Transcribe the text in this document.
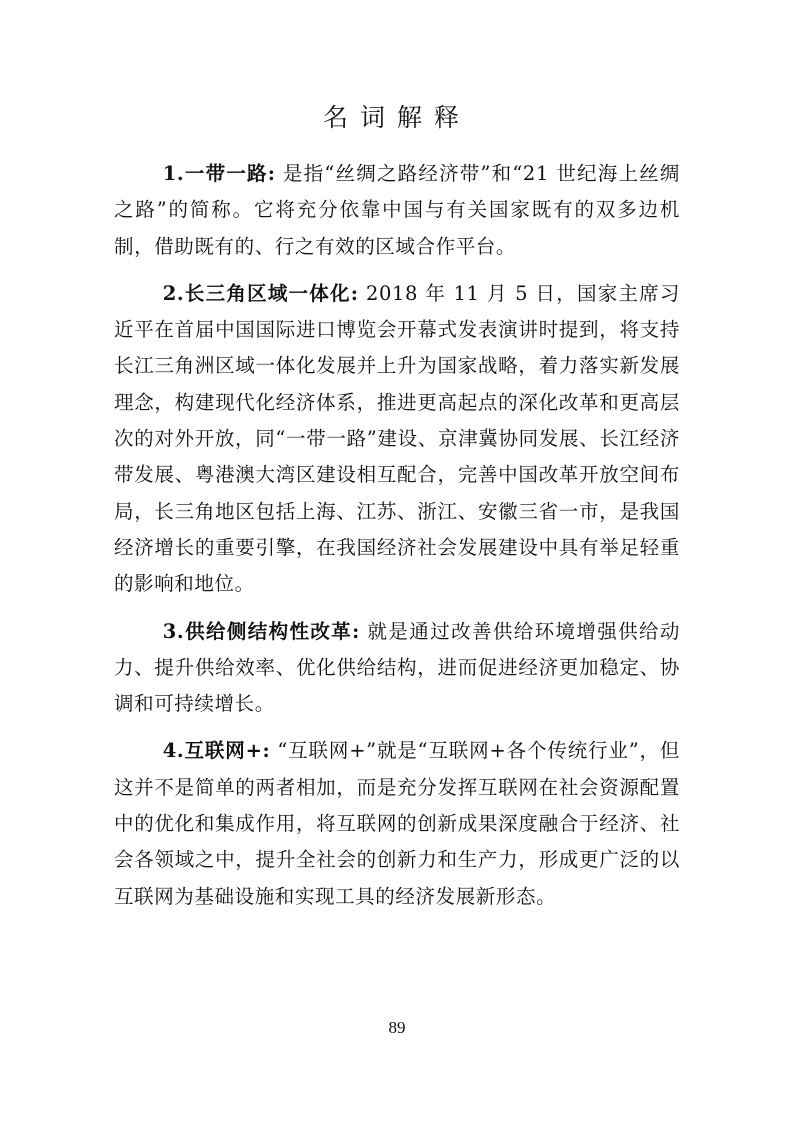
名词解释

1.一带一路: 是指“丝绸之路经济带”和“21 世纪海上丝绸之路”的简称。它将充分依靠中国与有关国家既有的双多边机制，借助既有的、行之有效的区域合作平台。

2.长三角区域一体化: 2018 年 11 月 5 日，国家主席习近平在首届中国国际进口博览会开幕式发表演讲时提到，将支持长江三角洲区域一体化发展并上升为国家战略，着力落实新发展理念，构建现代化经济体系，推进更高起点的深化改革和更高层次的对外开放，同“一带一路”建设、京津冀协同发展、长江经济带发展、粤港澳大湾区建设相互配合，完善中国改革开放空间布局，长三角地区包括上海、江苏、浙江、安徽三省一市，是我国经济增长的重要引擎，在我国经济社会发展建设中具有举足轻重的影响和地位。

3.供给侧结构性改革: 就是通过改善供给环境增强供给动力、提升供给效率、优化供给结构，进而促进经济更加稳定、协调和可持续增长。

4.互联网+: “互联网+”就是“互联网+各个传统行业”，但这并不是简单的两者相加，而是充分发挥互联网在社会资源配置中的优化和集成作用，将互联网的创新成果深度融合于经济、社会各领域之中，提升全社会的创新力和生产力，形成更广泛的以互联网为基础设施和实现工具的经济发展新形态。

89
